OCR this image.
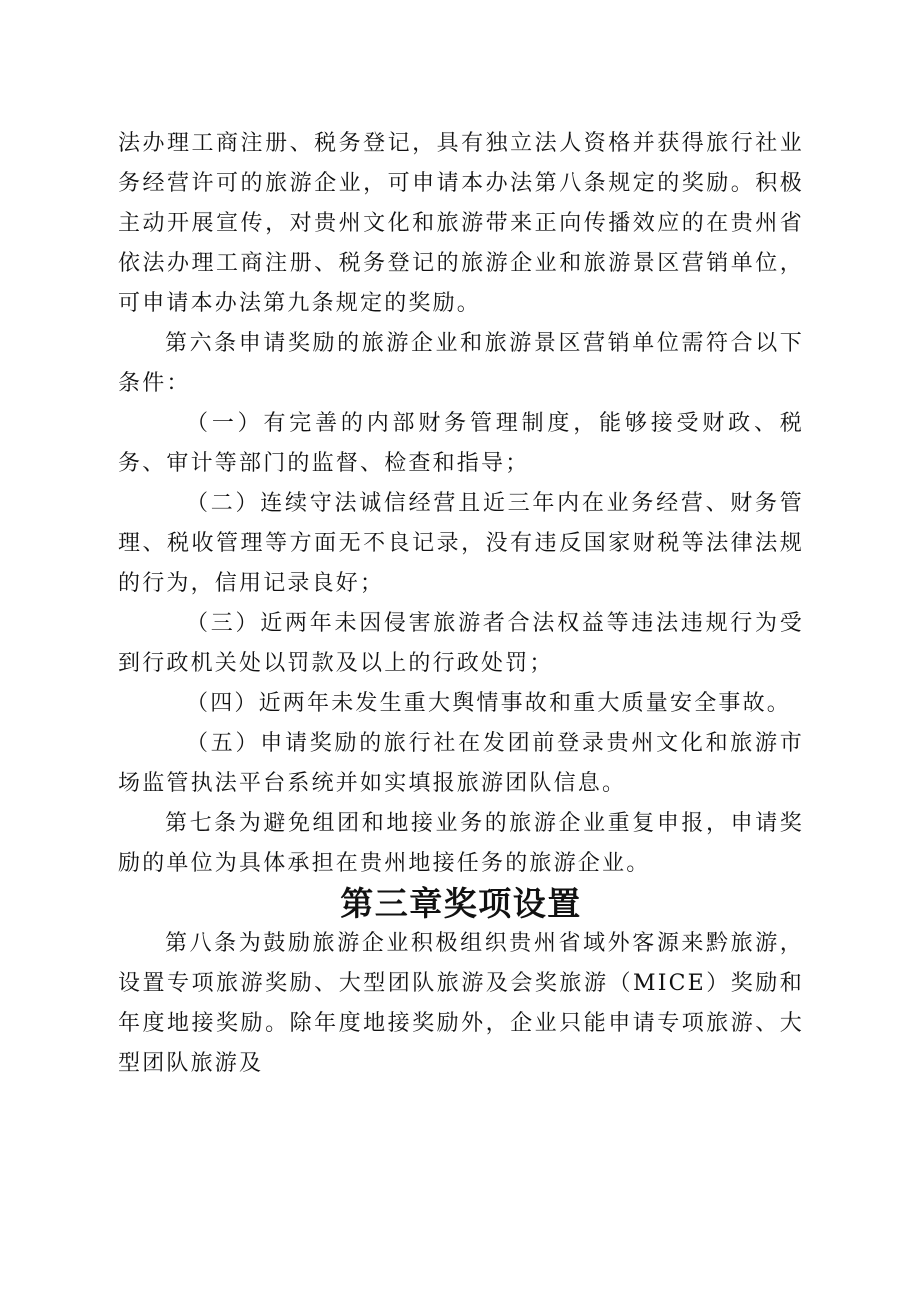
法办理工商注册、税务登记，具有独立法人资格并获得旅行社业务经营许可的旅游企业，可申请本办法第八条规定的奖励。积极主动开展宣传，对贵州文化和旅游带来正向传播效应的在贵州省依法办理工商注册、税务登记的旅游企业和旅游景区营销单位，可申请本办法第九条规定的奖励。

第六条申请奖励的旅游企业和旅游景区营销单位需符合以下条件：

（一）有完善的内部财务管理制度，能够接受财政、税务、审计等部门的监督、检查和指导；

（二）连续守法诚信经营且近三年内在业务经营、财务管理、税收管理等方面无不良记录，没有违反国家财税等法律法规的行为，信用记录良好；

（三）近两年未因侵害旅游者合法权益等违法违规行为受到行政机关处以罚款及以上的行政处罚；

（四）近两年未发生重大舆情事故和重大质量安全事故。

（五）申请奖励的旅行社在发团前登录贵州文化和旅游市场监管执法平台系统并如实填报旅游团队信息。

第七条为避免组团和地接业务的旅游企业重复申报，申请奖励的单位为具体承担在贵州地接任务的旅游企业。

第三章奖项设置

第八条为鼓励旅游企业积极组织贵州省域外客源来黔旅游，设置专项旅游奖励、大型团队旅游及会奖旅游（MICE）奖励和年度地接奖励。除年度地接奖励外，企业只能申请专项旅游、大型团队旅游及
